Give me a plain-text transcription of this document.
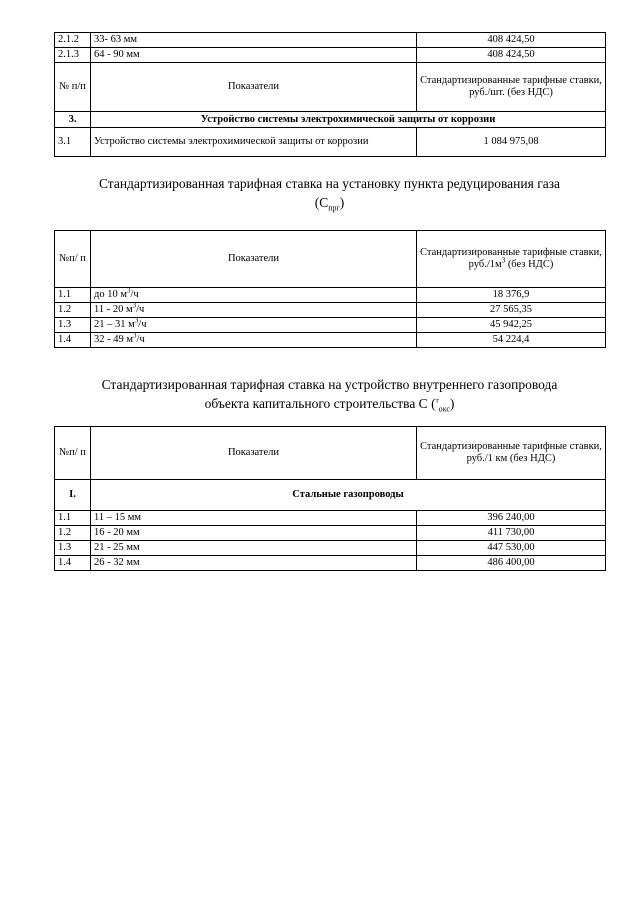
2.1.2	33- 63 мм	408 424,50
2.1.3	64 - 90 мм	408 424,50
№ п/п	Показатели	Стандартизированные тарифные ставки, руб./шт. (без НДС)
3.	Устройство системы электрохимической защиты от коррозии	
3.1	Устройство системы электрохимической защиты от коррозии	1 084 975,08
Стандартизированная тарифная ставка на установку пункта редуцирования газа
$(С_{прг})$
№п/ п	Показатели	Стандартизированные тарифные ставки, $руб./1м^3$ (без НДС)
1.1	до 10 $м^3/ч$	18 376,9
1.2	11 - 20 $м^3/ч$	27 565,35
1.3	21 – 31 $м^3/ч$	45 942,25
1.4	32 - 49 $м^3/ч$	54 224,4
Стандартизированная тарифная ставка на устройство внутреннего газопровода
объекта капитального строительства С ($^т_{окс}$)
№п/ п	Показатели	Стандартизированные тарифные ставки, руб./1 км (без НДС)
I.	Стальные газопроводы	
1.1	11 – 15 мм	396 240,00
1.2	16 - 20 мм	411 730,00
1.3	21 - 25 мм	447 530,00
1.4	26 - 32 мм	486 400,00
